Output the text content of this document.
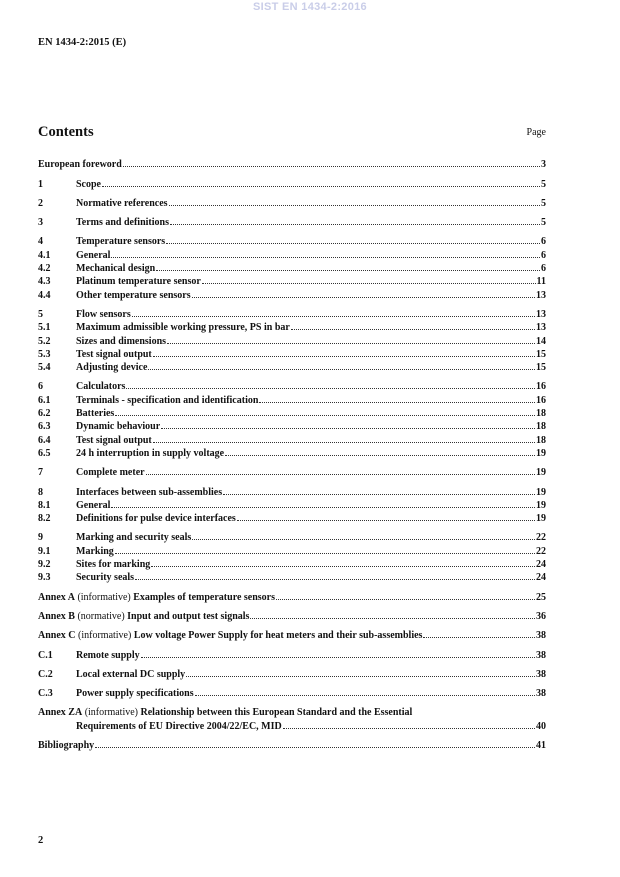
SIST EN 1434-2:2016
EN 1434-2:2015 (E)
Contents	Page
European foreword	3
1	Scope	5
2	Normative references	5
3	Terms and definitions	5
4	Temperature sensors	6
4.1	General	6
4.2	Mechanical design	6
4.3	Platinum temperature sensor	11
4.4	Other temperature sensors	13
5	Flow sensors	13
5.1	Maximum admissible working pressure, PS in bar	13
5.2	Sizes and dimensions	14
5.3	Test signal output	15
5.4	Adjusting device	15
6	Calculators	16
6.1	Terminals - specification and identification	16
6.2	Batteries	18
6.3	Dynamic behaviour	18
6.4	Test signal output	18
6.5	24 h interruption in supply voltage	19
7	Complete meter	19
8	Interfaces between sub-assemblies	19
8.1	General	19
8.2	Definitions for pulse device interfaces	19
9	Marking and security seals	22
9.1	Marking	22
9.2	Sites for marking	24
9.3	Security seals	24
Annex A (informative) Examples of temperature sensors	25
Annex B (normative) Input and output test signals	36
Annex C (informative) Low voltage Power Supply for heat meters and their sub-assemblies	38
C.1	Remote supply	38
C.2	Local external DC supply	38
C.3	Power supply specifications	38
Annex ZA (informative) Relationship between this European Standard and the Essential
Requirements of EU Directive 2004/22/EC, MID	40
Bibliography	41
2
